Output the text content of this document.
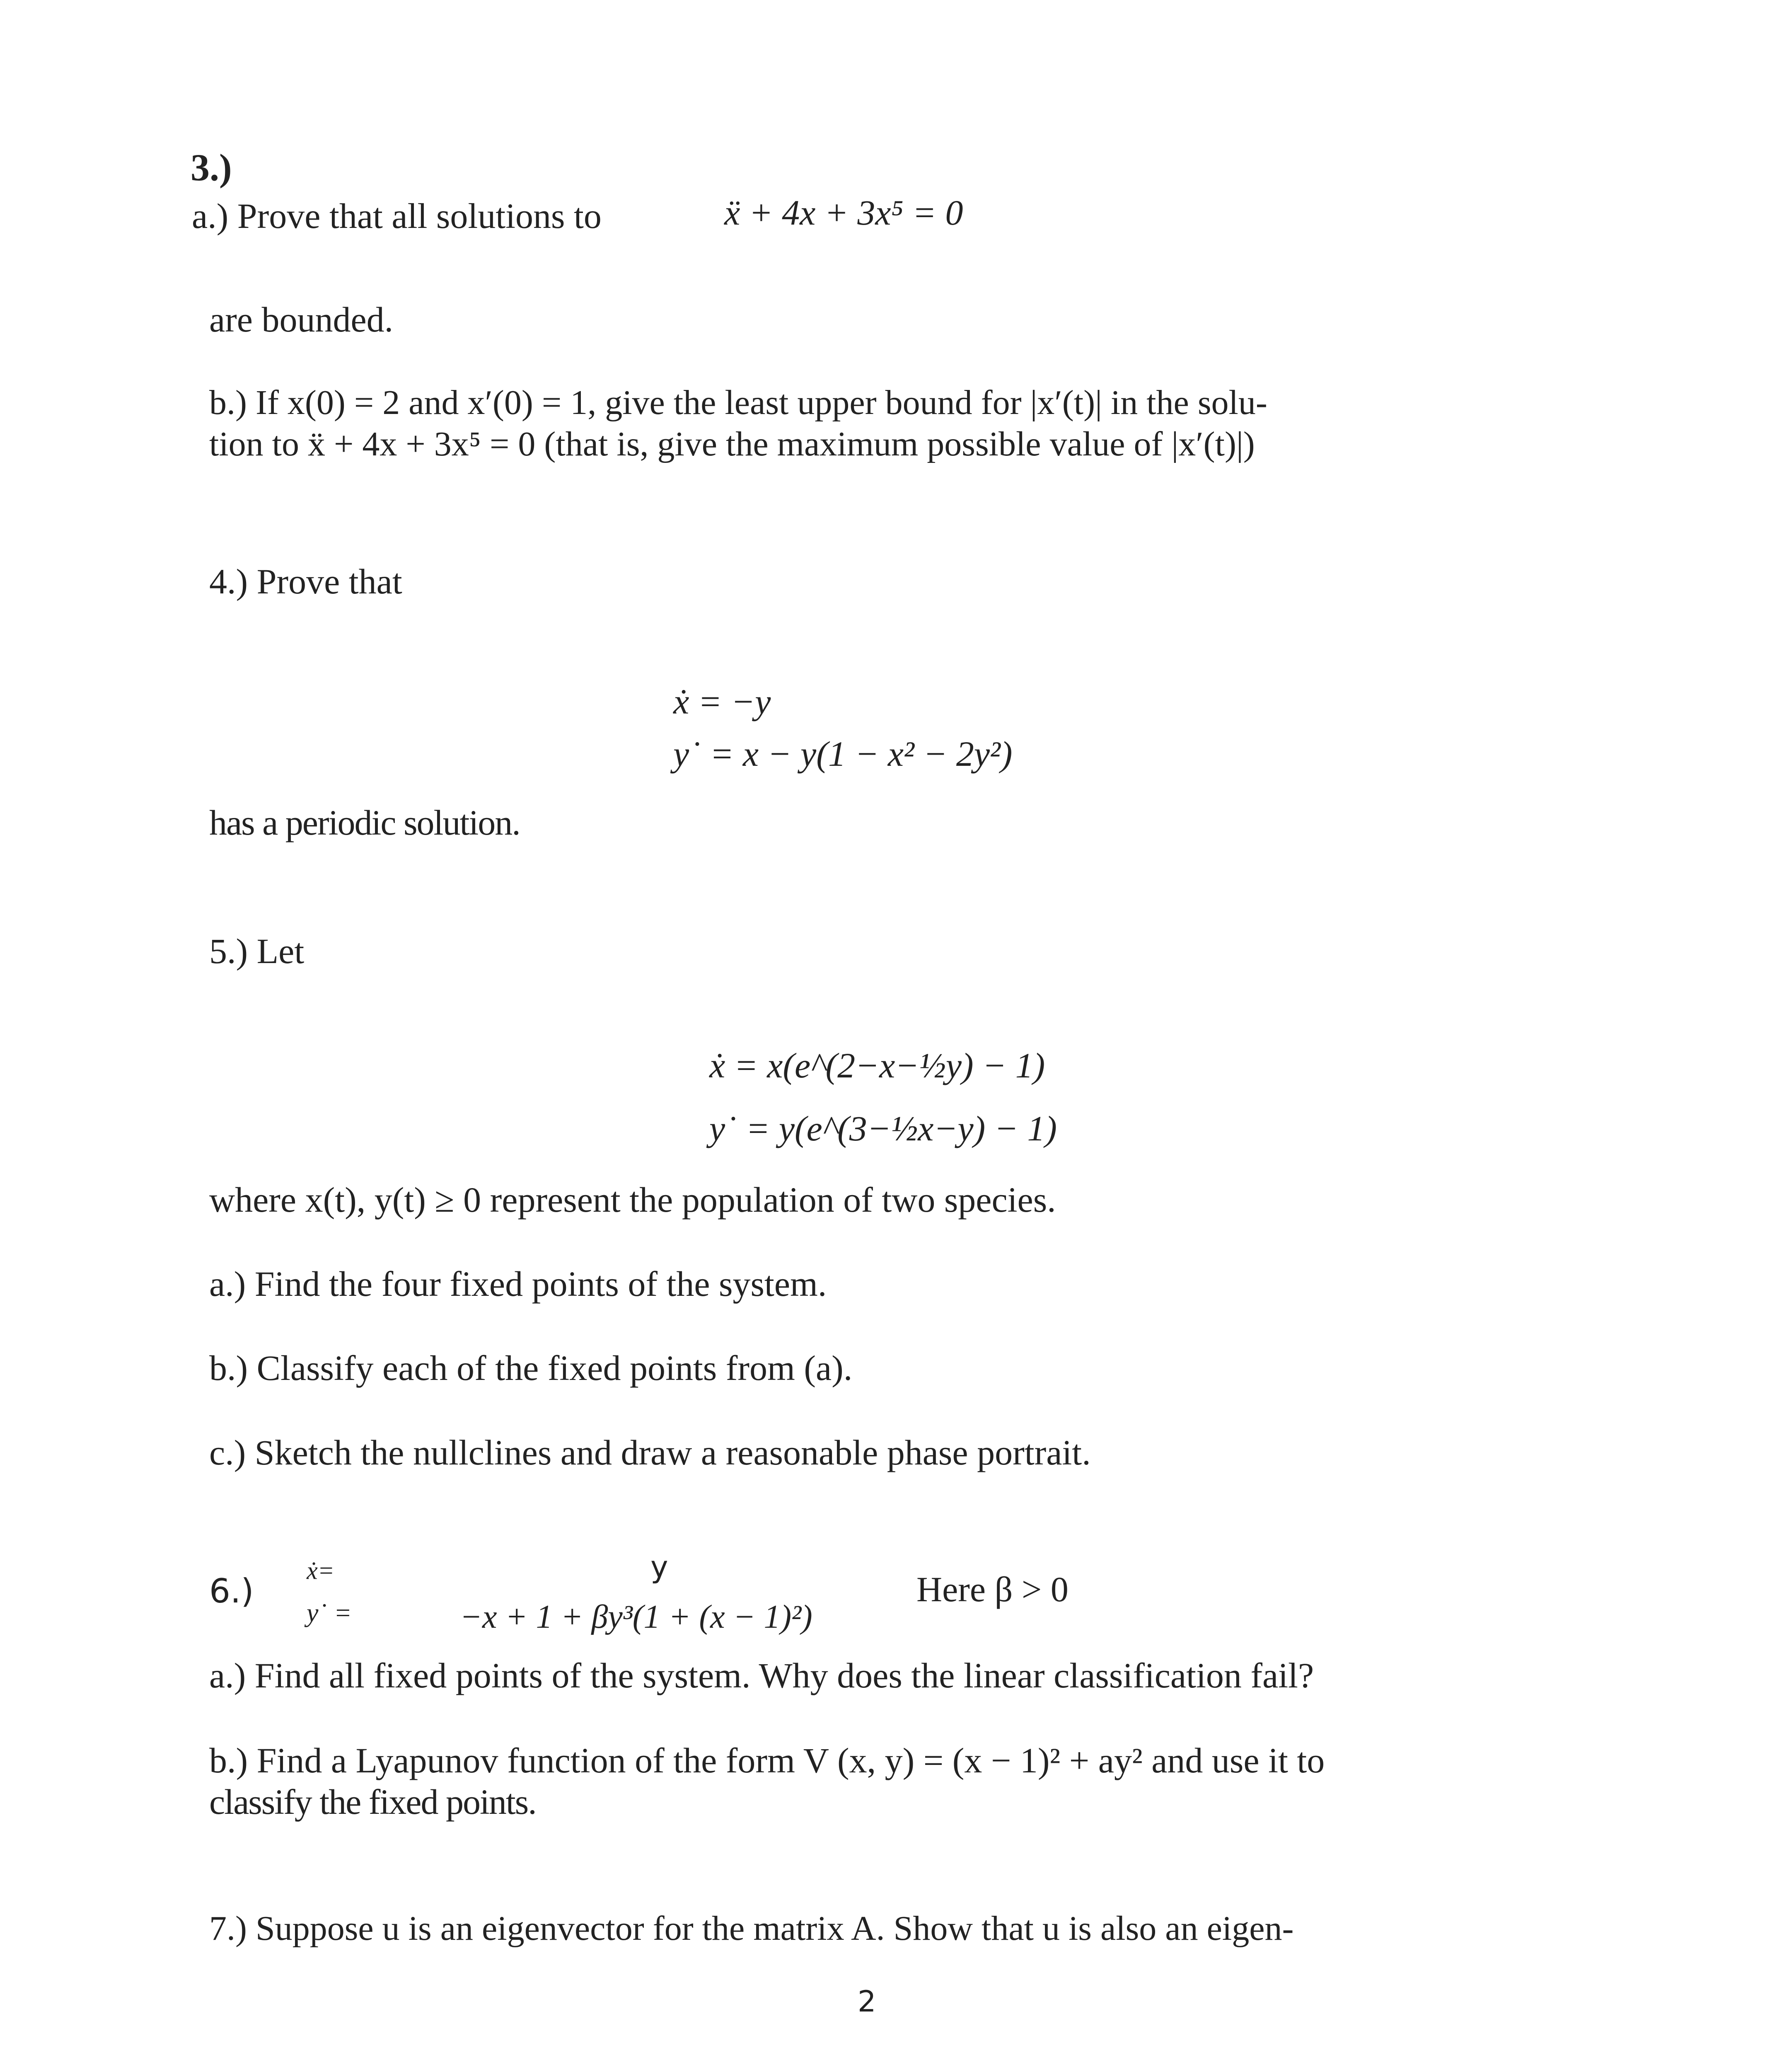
3.)
a.) Prove that all solutions to	ẍ + 4x + 3x⁵ = 0
are bounded.
b.) If x(0) = 2 and x′(0) = 1, give the least upper bound for |x′(t)| in the solu-
tion to ẍ + 4x + 3x⁵ = 0 (that is, give the maximum possible value of |x′(t)|)
4.) Prove that
ẋ = −y
y˙ = x − y(1 − x² − 2y²)
has a periodic solution.
5.) Let
ẋ = x(e^(2−x−½y) − 1)
y˙ = y(e^(3−½x−y) − 1)
where x(t), y(t) ≥ 0 represent the population of two species.
a.) Find the four fixed points of the system.
b.) Classify each of the fixed points from (a).
c.) Sketch the nullclines and draw a reasonable phase portrait.
6.)
ẋ=	y
y˙ =	−x + 1 + βy³(1 + (x − 1)²)
Here β > 0
a.) Find all fixed points of the system. Why does the linear classification fail?
b.) Find a Lyapunov function of the form V (x, y) = (x − 1)² + ay² and use it to
classify the fixed points.
7.) Suppose u is an eigenvector for the matrix A. Show that u is also an eigen-
2
